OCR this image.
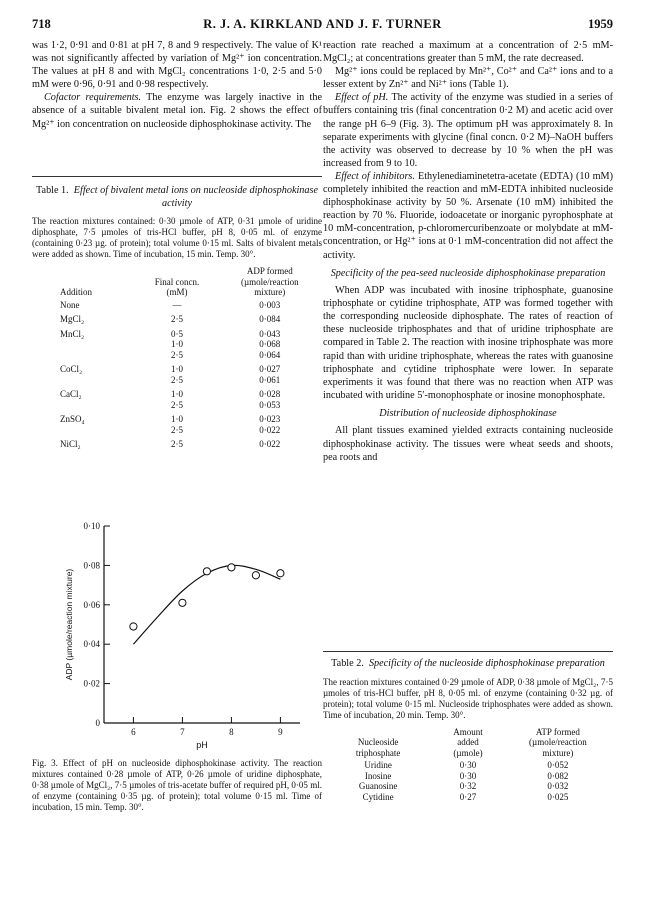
718	R. J. A. KIRKLAND AND J. F. TURNER	1959

was 1·2, 0·91 and 0·81 at pH 7, 8 and 9 respectively. The value of K¹ was not significantly affected by variation of Mg²⁺ ion concentration. The values at pH 8 and with MgCl₂ concentrations 1·0, 2·5 and 5·0 mM were 0·96, 0·91 and 0·98 respectively.

Cofactor requirements. The enzyme was largely inactive in the absence of a suitable bivalent metal ion. Fig. 2 shows the effect of Mg²⁺ ion concentration on nucleoside diphosphokinase activity. The

Table 1. Effect of bivalent metal ions on nucleoside diphosphokinase activity
The reaction mixtures contained: 0·30 µmole of ATP, 0·31 µmole of uridine diphosphate, 7·5 µmoles of tris-HCl buffer, pH 8, 0·05 ml. of enzyme (containing 0·23 µg. of protein); total volume 0·15 ml. Salts of bivalent metals were added as shown. Time of incubation, 15 min. Temp. 30°.
Addition	Final concn.
(mM)	ADP formed
(µmole/reaction
mixture)
None	—	0·003
MgCl₂	2·5	0·084
MnCl₂	0·5	0·043
	1·0	0·068
	2·5	0·064
CoCl₂	1·0	0·027
	2·5	0·061
CaCl₂	1·0	0·028
	2·5	0·053
ZnSO₄	1·0	0·023
	2·5	0·022
NiCl₂	2·5	0·022
0
0·02
0·04
0·06
0·08
0·10
6	7	8	9
pH
ADP (µmole/reaction mixture)
Fig. 3. Effect of pH on nucleoside diphosphokinase activity. The reaction mixtures contained 0·28 µmole of ATP, 0·26 µmole of uridine diphosphate, 0·38 µmole of MgCl₂, 7·5 µmoles of tris-acetate buffer of required pH, 0·05 ml. of enzyme (containing 0·35 µg. of protein); total volume 0·15 ml. Time of incubation, 15 min. Temp. 30°.

reaction rate reached a maximum at a concentration of 2·5 mM-MgCl₂; at concentrations greater than 5 mM, the rate decreased.

Mg²⁺ ions could be replaced by Mn²⁺, Co²⁺ and Ca²⁺ ions and to a lesser extent by Zn²⁺ and Ni²⁺ ions (Table 1).

Effect of pH. The activity of the enzyme was studied in a series of buffers containing tris (final concentration 0·2 M) and acetic acid over the range pH 6–9 (Fig. 3). The optimum pH was approximately 8. In separate experiments with glycine (final concn. 0·2 M)–NaOH buffers the activity was observed to decrease by 10 % when the pH was increased from 9 to 10.

Effect of inhibitors. Ethylenediaminetetra-acetate (EDTA) (10 mM) completely inhibited the reaction and mM-EDTA inhibited nucleoside diphosphokinase activity by 50 %. Arsenate (10 mM) inhibited the reaction by 70 %. Fluoride, iodoacetate or inorganic pyrophosphate at 10 mM-concentration, p-chloromercuribenzoate or molybdate at mM-concentration, or Hg²⁺ ions at 0·1 mM-concentration did not affect the activity.

Specificity of the pea-seed nucleoside diphosphokinase preparation

When ADP was incubated with inosine triphosphate, guanosine triphosphate or cytidine triphosphate, ATP was formed together with the corresponding nucleoside diphosphate. The rates of reaction of these nucleoside triphosphates and that of uridine triphosphate are compared in Table 2. The reaction with inosine triphosphate was more rapid than with uridine triphosphate, whereas the rates with guanosine triphosphate and cytidine triphosphate were lower. In separate experiments it was found that there was no reaction when ATP was incubated with uridine 5′-monophosphate or inosine monophosphate.

Distribution of nucleoside diphosphokinase

All plant tissues examined yielded extracts containing nucleoside diphosphokinase activity. The tissues were wheat seeds and shoots, pea roots and

Table 2. Specificity of the nucleoside diphosphokinase preparation
The reaction mixtures contained 0·29 µmole of ADP, 0·38 µmole of MgCl₂, 7·5 µmoles of tris-HCl buffer, pH 8, 0·05 ml. of enzyme (containing 0·32 µg. of protein); total volume 0·15 ml. Nucleoside triphosphates were added as shown. Time of incubation, 20 min. Temp. 30°.
Nucleoside
triphosphate	Amount
added
(µmole)	ATP formed
(µmole/reaction
mixture)
Uridine	0·30	0·052
Inosine	0·30	0·082
Guanosine	0·32	0·032
Cytidine	0·27	0·025
